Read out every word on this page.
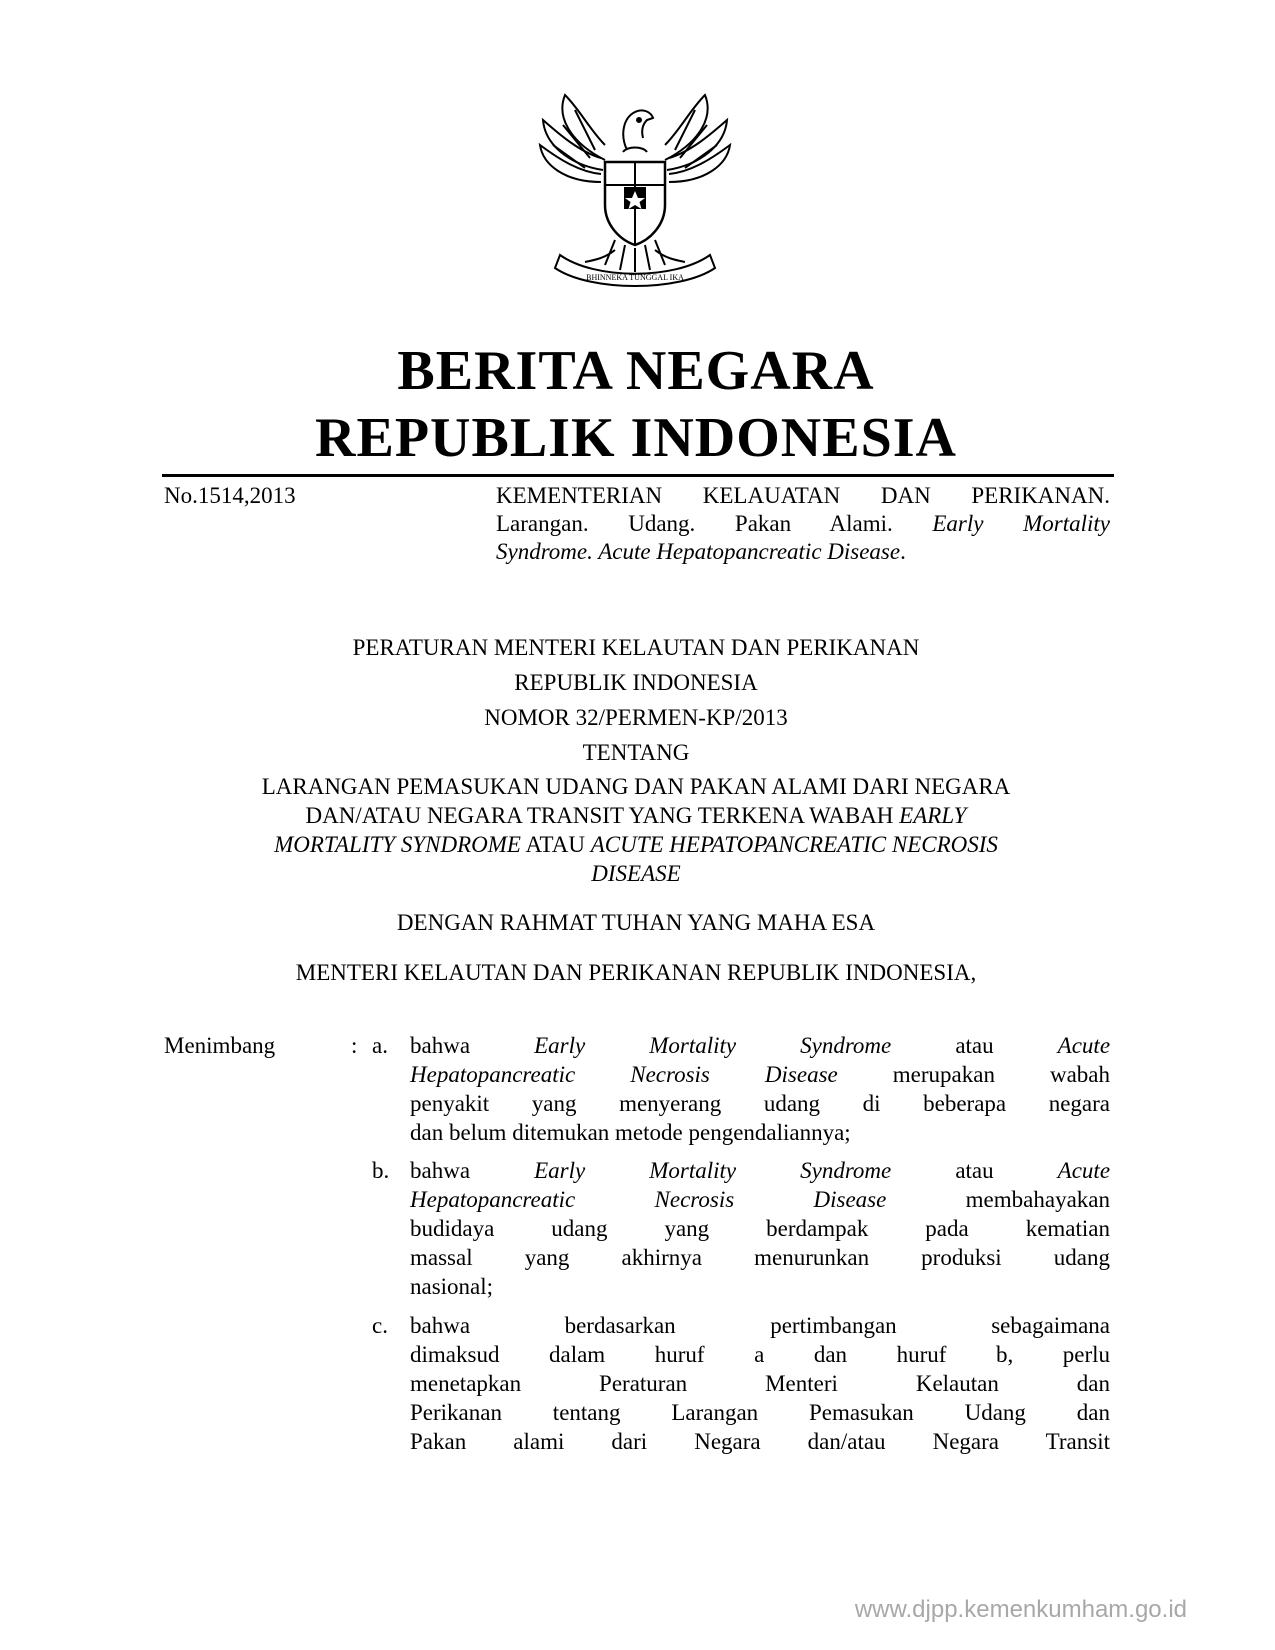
BHINNEKA TUNGGAL IKA
BERITA NEGARA
REPUBLIK INDONESIA
No.1514,2013	KEMENTERIAN KELAUATAN DAN PERIKANAN.
Larangan. Udang. Pakan Alami. Early Mortality
Syndrome. Acute Hepatopancreatic Disease.
PERATURAN MENTERI KELAUTAN DAN PERIKANAN
REPUBLIK INDONESIA
NOMOR 32/PERMEN-KP/2013
TENTANG
LARANGAN PEMASUKAN UDANG DAN PAKAN ALAMI DARI NEGARA
DAN/ATAU NEGARA TRANSIT YANG TERKENA WABAH EARLY
MORTALITY SYNDROME ATAU ACUTE HEPATOPANCREATIC NECROSIS
DISEASE
DENGAN RAHMAT TUHAN YANG MAHA ESA
MENTERI KELAUTAN DAN PERIKANAN REPUBLIK INDONESIA,
Menimbang	: a. bahwa	Early Mortality Syndrome	atau	Acute
Hepatopancreatic Necrosis Disease merupakan wabah
penyakit yang menyerang udang di beberapa negara
dan belum ditemukan metode pengendaliannya;
b. bahwa	Early Mortality Syndrome	atau	Acute
Hepatopancreatic Necrosis Disease	membahayakan
budidaya udang yang berdampak pada kematian
massal yang akhirnya menurunkan produksi udang
nasional;
c. bahwa berdasarkan pertimbangan sebagaimana
dimaksud dalam huruf a dan huruf b, perlu
menetapkan Peraturan Menteri Kelautan dan
Perikanan tentang Larangan Pemasukan Udang dan
Pakan alami dari Negara dan/atau Negara Transit
www.djpp.kemenkumham.go.id
